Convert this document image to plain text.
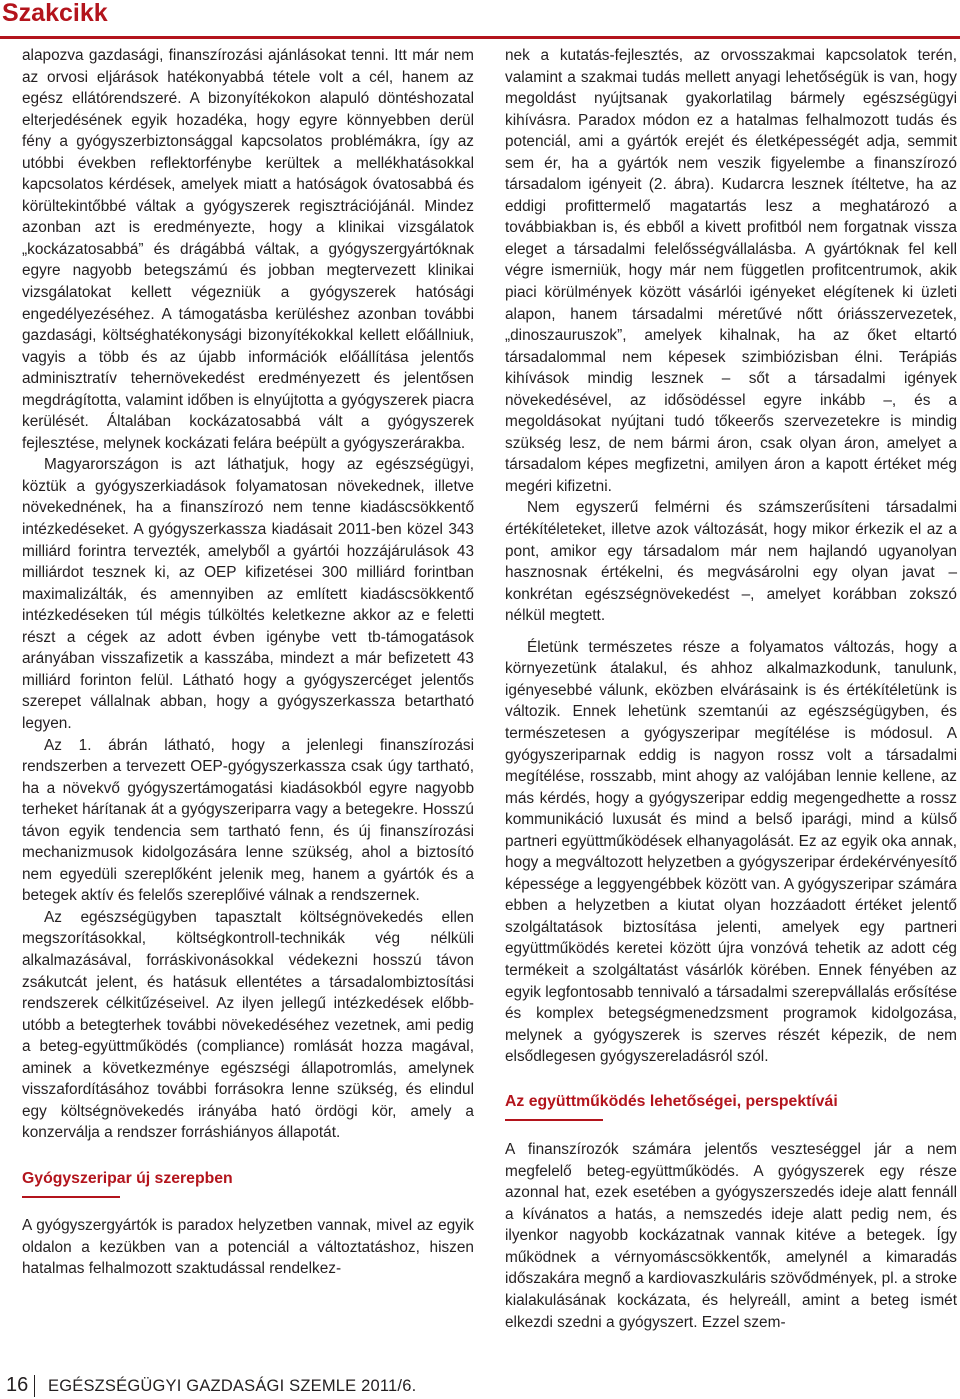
Szakcikk

alapozva gazdasági, finanszírozási ajánlásokat tenni. Itt már nem az orvosi eljárások hatékonyabbá tétele volt a cél, hanem az egész ellátórendszeré. A bizonyítékokon alapuló döntéshozatal elterjedésének egyik hozadéka, hogy egyre könnyebben derül fény a gyógyszerbiztonsággal kapcsolatos problémákra, így az utóbbi években reflektorfénybe kerültek a mellékhatásokkal kapcsolatos kérdések, amelyek miatt a hatóságok óvatosabbá és körültekintőbbé váltak a gyógyszerek regisztrációjánál. Mindez azonban azt is eredményezte, hogy a klinikai vizsgálatok „kockázatosabbá” és drágábbá váltak, a gyógyszergyártóknak egyre nagyobb betegszámú és jobban megtervezett klinikai vizsgálatokat kellett végezniük a gyógyszerek hatósági engedélyezéséhez. A támogatásba kerüléshez azonban további gazdasági, költséghatékonysági bizonyítékokkal kellett előállniuk, vagyis a több és az újabb információk előállítása jelentős adminisztratív tehernövekedést eredményezett és jelentősen megdrágította, valamint időben is elnyújtotta a gyógyszerek piacra kerülését. Általában kockázatosabbá vált a gyógyszerek fejlesztése, melynek kockázati felára beépült a gyógyszerárakba.

Magyarországon is azt láthatjuk, hogy az egészségügyi, köztük a gyógyszerkiadások folyamatosan növekednek, illetve növekednének, ha a finanszírozó nem tenne kiadáscsökkentő intézkedéseket. A gyógyszerkassza kiadásait 2011-ben közel 343 milliárd forintra tervezték, amelyből a gyártói hozzájárulások 43 milliárdot tesznek ki, az OEP kifizetései 300 milliárd forintban maximalizálták, és amennyiben az említett kiadáscsökkentő intézkedéseken túl mégis túlköltés keletkezne akkor az e feletti részt a cégek az adott évben igénybe vett tb-támogatások arányában visszafizetik a kasszába, mindezt a már befizetett 43 milliárd forinton felül. Látható hogy a gyógyszercéget jelentős szerepet vállalnak abban, hogy a gyógyszerkassza betartható legyen.

Az 1. ábrán látható, hogy a jelenlegi finanszírozási rendszerben a tervezett OEP-gyógyszerkassza csak úgy tartható, ha a növekvő gyógyszertámogatási kiadásokból egyre nagyobb terheket hárítanak át a gyógyszeriparra vagy a betegekre. Hosszú távon egyik tendencia sem tartható fenn, és új finanszírozási mechanizmusok kidolgozására lenne szükség, ahol a biztosító nem egyedüli szereplőként jelenik meg, hanem a gyártók és a betegek aktív és felelős szereplőivé válnak a rendszernek.

Az egészségügyben tapasztalt költségnövekedés ellen megszorításokkal, költségkontroll-technikák vég nélküli alkalmazásával, forráskivonásokkal védekezni hosszú távon zsákutcát jelent, és hatásuk ellentétes a társadalombiztosítási rendszerek célkitűzéseivel. Az ilyen jellegű intézkedések előbb-utóbb a betegterhek további növekedéséhez vezetnek, ami pedig a beteg-együttműködés (compliance) romlását hozza magával, aminek a következménye egészségi állapotromlás, amelynek visszafordításához további forrásokra lenne szükség, és elindul egy költségnövekedés irányába ható ördögi kör, amely a konzerválja a rendszer forráshiányos állapotát.

Gyógyszeripar új szerepben

A gyógyszergyártók is paradox helyzetben vannak, mivel az egyik oldalon a kezükben van a potenciál a változtatáshoz, hiszen hatalmas felhalmozott szaktudással rendelkez-

nek a kutatás-fejlesztés, az orvosszakmai kapcsolatok terén, valamint a szakmai tudás mellett anyagi lehetőségük is van, hogy megoldást nyújtsanak gyakorlatilag bármely egészségügyi kihívásra. Paradox módon ez a hatalmas felhalmozott tudás és potenciál, ami a gyártók erejét és életképességét adja, semmit sem ér, ha a gyártók nem veszik figyelembe a finanszírozó társadalom igényeit (2. ábra). Kudarcra lesznek ítéltetve, ha az eddigi profittermelő magatartás lesz a meghatározó a továbbiakban is, és ebből a kivett profitból nem forgatnak vissza eleget a társadalmi felelősségvállalásba. A gyártóknak fel kell végre ismerniük, hogy már nem független profitcentrumok, akik piaci körülmények között vásárlói igényeket elégítenek ki üzleti alapon, hanem társadalmi méretűvé nőtt óriásszervezetek, „dinoszauruszok”, amelyek kihalnak, ha az őket eltartó társadalommal nem képesek szimbiózisban élni. Terápiás kihívások mindig lesznek – sőt a társadalmi igények növekedésével, az idősödéssel egyre inkább –, és a megoldásokat nyújtani tudó tőkeerős szervezetekre is mindig szükség lesz, de nem bármi áron, csak olyan áron, amelyet a társadalom képes megfizetni, amilyen áron a kapott értéket még megéri kifizetni.

Nem egyszerű felmérni és számszerűsíteni társadalmi értékítéleteket, illetve azok változását, hogy mikor érkezik el az a pont, amikor egy társadalom már nem hajlandó ugyanolyan hasznosnak értékelni, és megvásárolni egy olyan javat – konkrétan egészségnövekedést –, amelyet korábban zokszó nélkül megtett.

Életünk természetes része a folyamatos változás, hogy a környezetünk átalakul, és ahhoz alkalmazkodunk, tanulunk, igényesebbé válunk, eközben elvárásaink is és értékítéletünk is változik. Ennek lehetünk szemtanúi az egészségügyben, és természetesen a gyógyszeripar megítélése is módosul. A gyógyszeriparnak eddig is nagyon rossz volt a társadalmi megítélése, rosszabb, mint ahogy az valójában lennie kellene, az más kérdés, hogy a gyógyszeripar eddig megengedhette a rossz kommunikáció luxusát és mind a belső iparági, mind a külső partneri együttműködések elhanyagolását. Ez az egyik oka annak, hogy a megváltozott helyzetben a gyógyszeripar érdekérvényesítő képessége a leggyengébbek között van. A gyógyszeripar számára ebben a helyzetben a kiutat olyan hozzáadott értéket jelentő szolgáltatások biztosítása jelenti, amelyek egy partneri együttműködés keretei között újra vonzóvá tehetik az adott cég termékeit a szolgáltatást vásárlók körében. Ennek fényében az egyik legfontosabb tennivaló a társadalmi szerepvállalás erősítése és komplex betegségmenedzsment programok kidolgozása, melynek a gyógyszerek is szerves részét képezik, de nem elsődlegesen gyógyszereladásról szól.

Az együttműködés lehetőségei, perspektívái

A finanszírozók számára jelentős veszteséggel jár a nem megfelelő beteg-együttműködés. A gyógyszerek egy része azonnal hat, ezek esetében a gyógyszerszedés ideje alatt fennáll a kívánatos a hatás, a nemszedés ideje alatt pedig nem, és ilyenkor nagyobb kockázatnak vannak kitéve a betegek. Így működnek a vérnyomáscsökkentők, amelynél a kimaradás időszakára megnő a kardiovaszkuláris szövődmények, pl. a stroke kialakulásának kockázata, és helyreáll, amint a beteg ismét elkezdi szedni a gyógyszert. Ezzel szem-

16 EGÉSZSÉGÜGYI GAZDASÁGI SZEMLE 2011/6.
